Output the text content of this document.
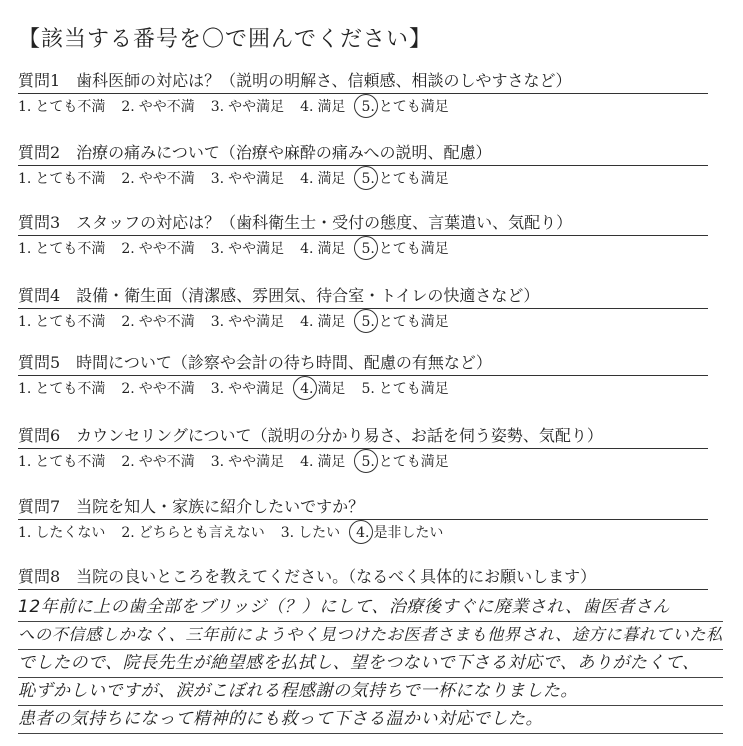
【該当する番号を〇で囲んでください】
質問1　歯科医師の対応は？（説明の明解さ、信頼感、相談のしやすさなど）
1. とても不満 2. やや不満 3. やや満足 4. 満足 5. とても満足
質問2　治療の痛みについて（治療や麻酔の痛みへの説明、配慮）
1. とても不満 2. やや不満 3. やや満足 4. 満足 5. とても満足
質問3　スタッフの対応は？（歯科衛生士・受付の態度、言葉遣い、気配り）
1. とても不満 2. やや不満 3. やや満足 4. 満足 5. とても満足
質問4　設備・衛生面（清潔感、雰囲気、待合室・トイレの快適さなど）
1. とても不満 2. やや不満 3. やや満足 4. 満足 5. とても満足
質問5　時間について（診察や会計の待ち時間、配慮の有無など）
1. とても不満 2. やや不満 3. やや満足 4. 満足 5. とても満足
質問6　カウンセリングについて（説明の分かり易さ、お話を伺う姿勢、気配り）
1. とても不満 2. やや不満 3. やや満足 4. 満足 5. とても満足
質問7　当院を知人・家族に紹介したいですか？
1. したくない 2. どちらとも言えない 3. したい 4. 是非したい
質問8　当院の良いところを教えてください。（なるべく具体的にお願いします）
12年前に上の歯全部をブリッジ（？）にして、治療後すぐに廃業され、歯医者さん
への不信感しかなく、三年前にようやく見つけたお医者さまも他界され、途方に暮れていた私
でしたので、院長先生が絶望感を払拭し、望をつないで下さる対応で、ありがたくて、
恥ずかしいですが、涙がこぼれる程感謝の気持ちで一杯になりました。
患者の気持ちになって精神的にも救って下さる温かい対応でした。
